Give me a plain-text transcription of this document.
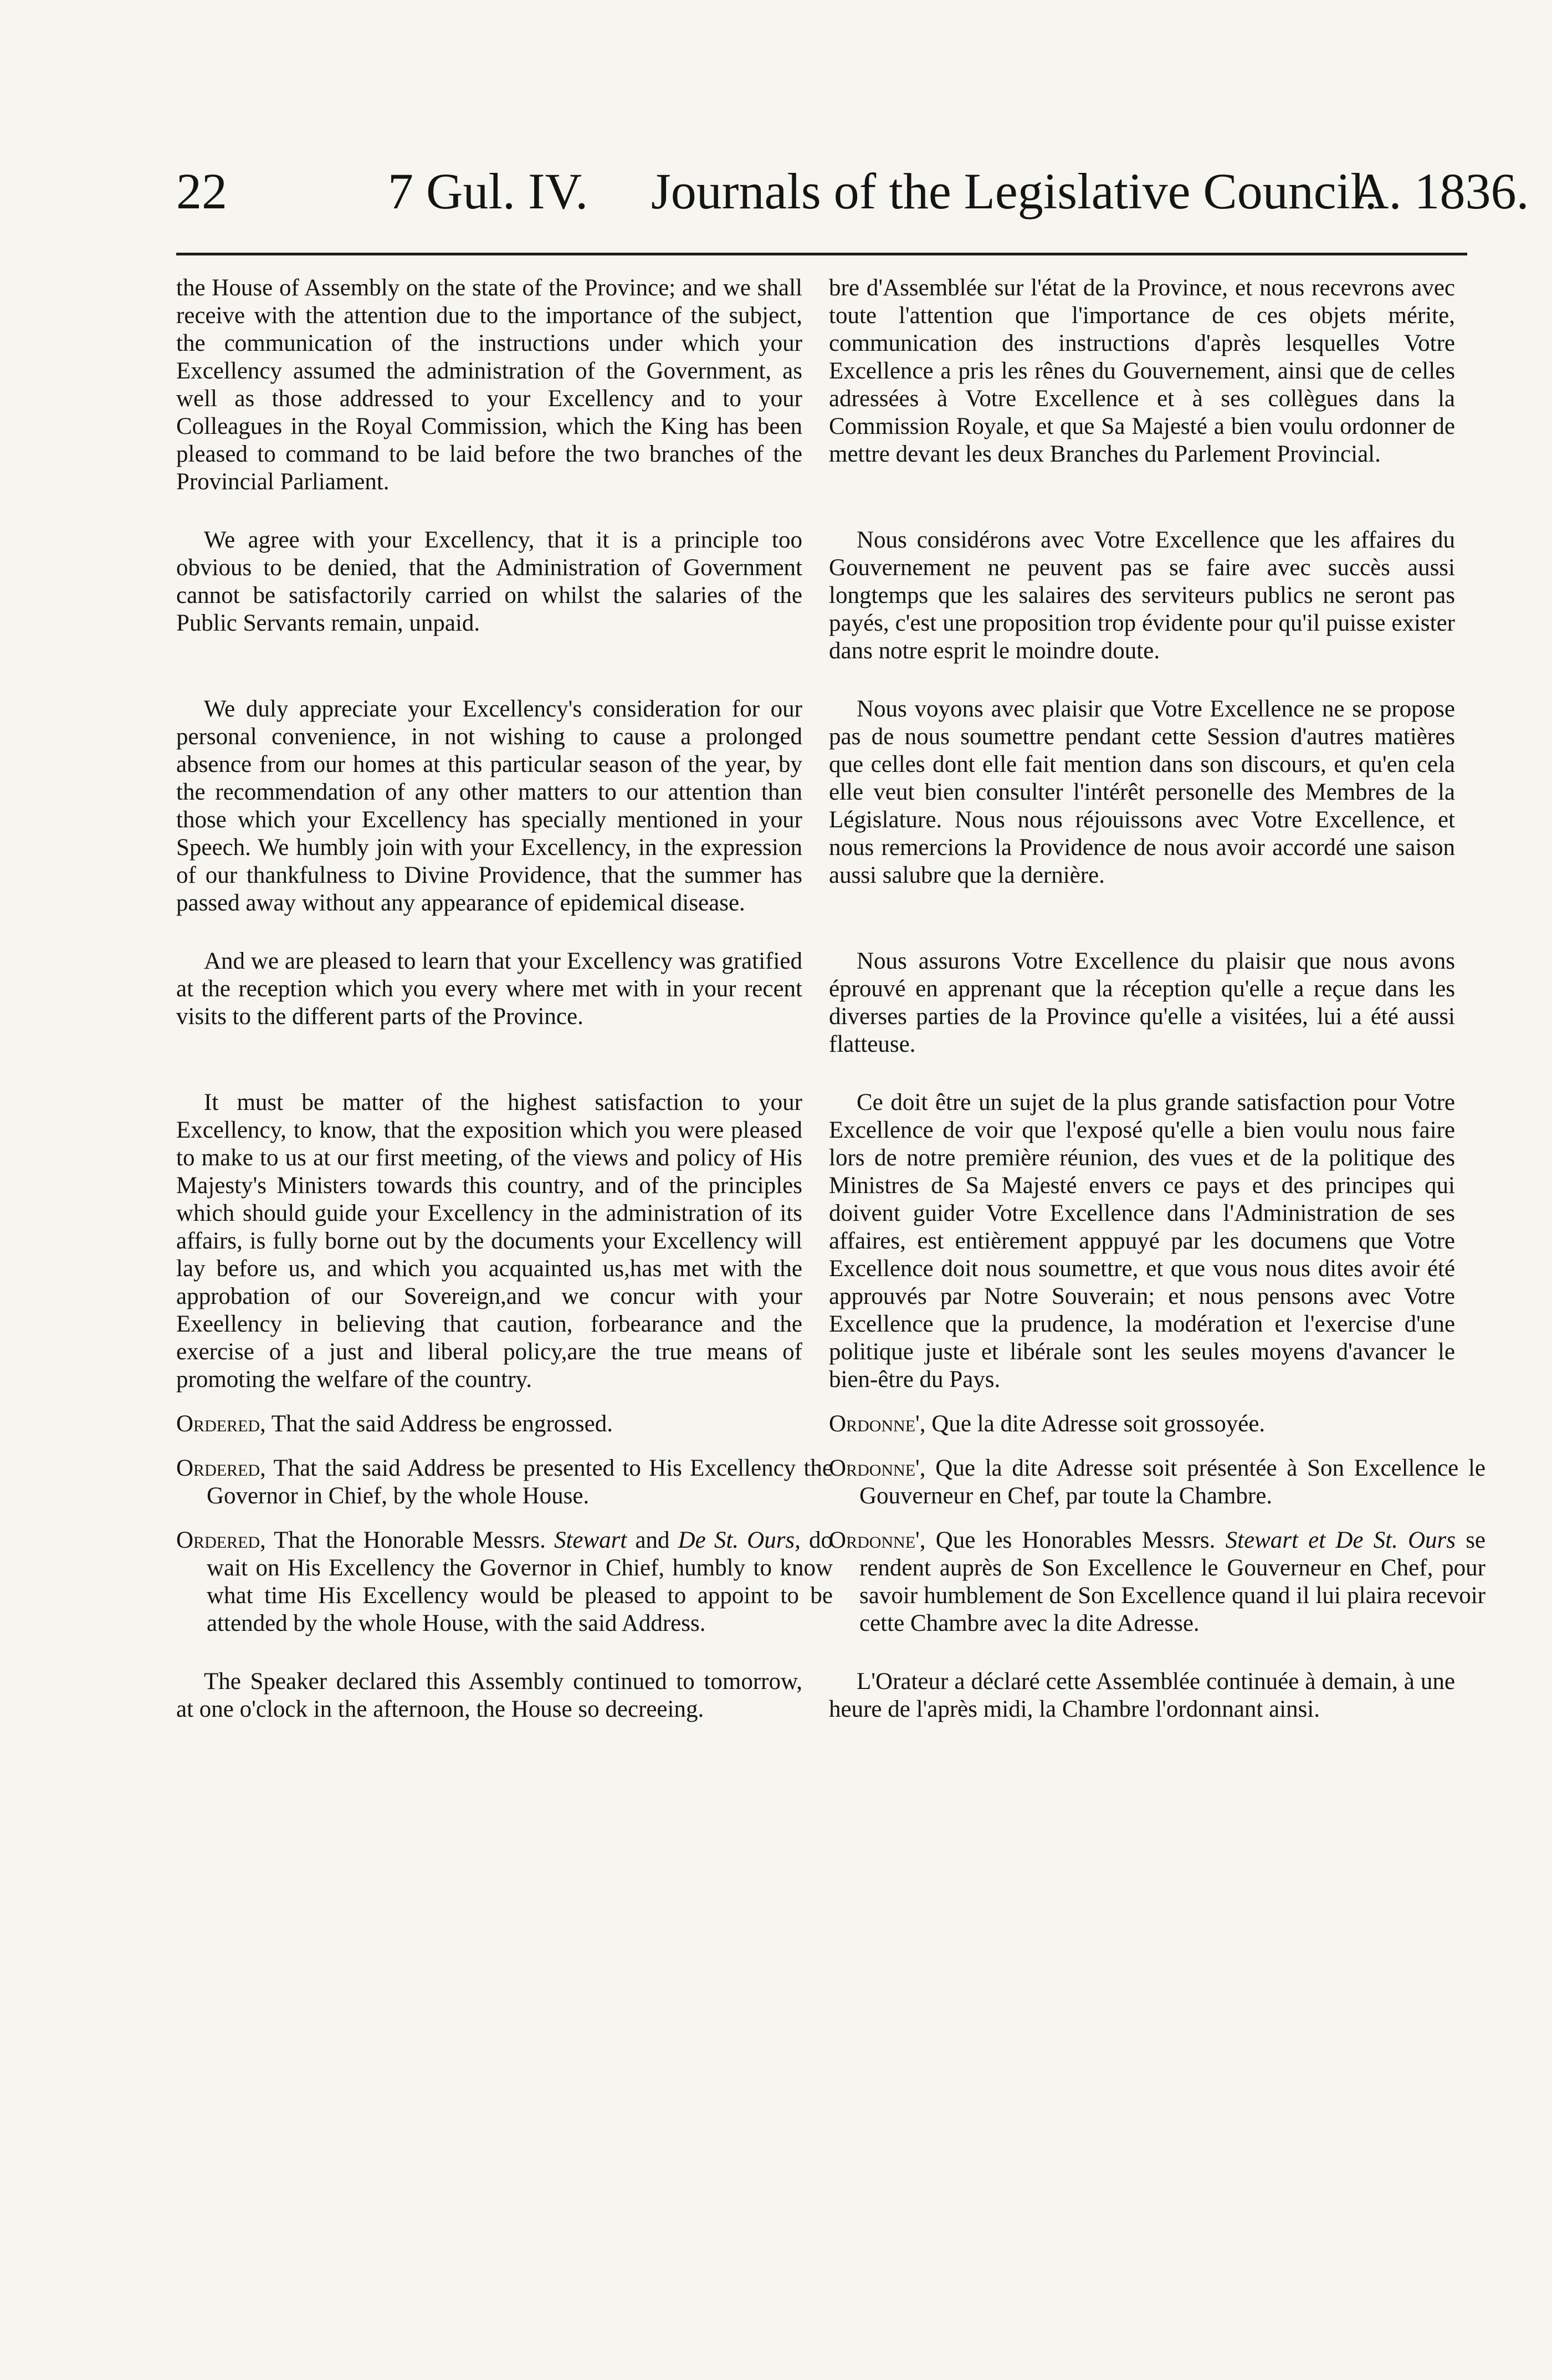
22	7 Gul. IV. Journals of the Legislative Council.
A. 1836.

the House of Assembly on the state of the Province; and we shall receive with the attention due to the importance of the subject, the communication of the instructions under which your Excellency assumed the administration of the Government, as well as those addressed to your Excellency and to your Colleagues in the Royal Commission, which the King has been pleased to command to be laid before the two branches of the Provincial Parliament.

We agree with your Excellency, that it is a principle too obvious to be denied, that the Administration of Government cannot be satisfactorily carried on whilst the salaries of the Public Servants remain, unpaid.

We duly appreciate your Excellency's consideration for our personal convenience, in not wishing to cause a prolonged absence from our homes at this particular season of the year, by the recommendation of any other matters to our attention than those which your Excellency has specially mentioned in your Speech. We humbly join with your Excellency, in the expression of our thankfulness to Divine Providence, that the summer has passed away without any appearance of epidemical disease.

And we are pleased to learn that your Excellency was gratified at the reception which you every where met with in your recent visits to the different parts of the Province.

It must be matter of the highest satisfaction to your Excellency, to know, that the exposition which you were pleased to make to us at our first meeting, of the views and policy of His Majesty's Ministers towards this country, and of the principles which should guide your Excellency in the administration of its affairs, is fully borne out by the documents your Excellency will lay before us, and which you acquainted us,has met with the approbation of our Sovereign,and we concur with your Exeellency in believing that caution, forbearance and the exercise of a just and liberal policy,are the true means of promoting the welfare of the country.

Ordered, That the said Address be engrossed.

Ordered, That the said Address be presented to His Excellency the Governor in Chief, by the whole House.

Ordered, That the Honorable Messrs. Stewart and De St. Ours, do wait on His Excellency the Governor in Chief, humbly to know what time His Excellency would be pleased to appoint to be attended by the whole House, with the said Address.

The Speaker declared this Assembly continued to tomorrow, at one o'clock in the afternoon, the House so decreeing.

bre d'Assemblée sur l'état de la Province, et nous recevrons avec toute l'attention que l'importance de ces objets mérite, communication des instructions d'après lesquelles Votre Excellence a pris les rênes du Gouvernement, ainsi que de celles adressées à Votre Excellence et à ses collègues dans la Commission Royale, et que Sa Majesté a bien voulu ordonner de mettre devant les deux Branches du Parlement Provincial.

Nous considérons avec Votre Excellence que les affaires du Gouvernement ne peuvent pas se faire avec succès aussi longtemps que les salaires des serviteurs publics ne seront pas payés, c'est une proposition trop évidente pour qu'il puisse exister dans notre esprit le moindre doute.

Nous voyons avec plaisir que Votre Excellence ne se propose pas de nous soumettre pendant cette Session d'autres matières que celles dont elle fait mention dans son discours, et qu'en cela elle veut bien consulter l'intérêt personelle des Membres de la Législature. Nous nous réjouissons avec Votre Excellence, et nous remercions la Providence de nous avoir accordé une saison aussi salubre que la dernière.

Nous assurons Votre Excellence du plaisir que nous avons éprouvé en apprenant que la réception qu'elle a reçue dans les diverses parties de la Province qu'elle a visitées, lui a été aussi flatteuse.

Ce doit être un sujet de la plus grande satisfaction pour Votre Excellence de voir que l'exposé qu'elle a bien voulu nous faire lors de notre première réunion, des vues et de la politique des Ministres de Sa Majesté envers ce pays et des principes qui doivent guider Votre Excellence dans l'Administration de ses affaires, est entièrement apppuyé par les documens que Votre Excellence doit nous soumettre, et que vous nous dites avoir été approuvés par Notre Souverain; et nous pensons avec Votre Excellence que la prudence, la modération et l'exercise d'une politique juste et libérale sont les seules moyens d'avancer le bien-être du Pays.

Ordonne', Que la dite Adresse soit grossoyée.

Ordonne', Que la dite Adresse soit présentée à Son Excellence le Gouverneur en Chef, par toute la Chambre.

Ordonne', Que les Honorables Messrs. Stewart et De St. Ours se rendent auprès de Son Excellence le Gouverneur en Chef, pour savoir humblement de Son Excellence quand il lui plaira recevoir cette Chambre avec la dite Adresse.

L'Orateur a déclaré cette Assemblée continuée à demain, à une heure de l'après midi, la Chambre l'ordonnant ainsi.
